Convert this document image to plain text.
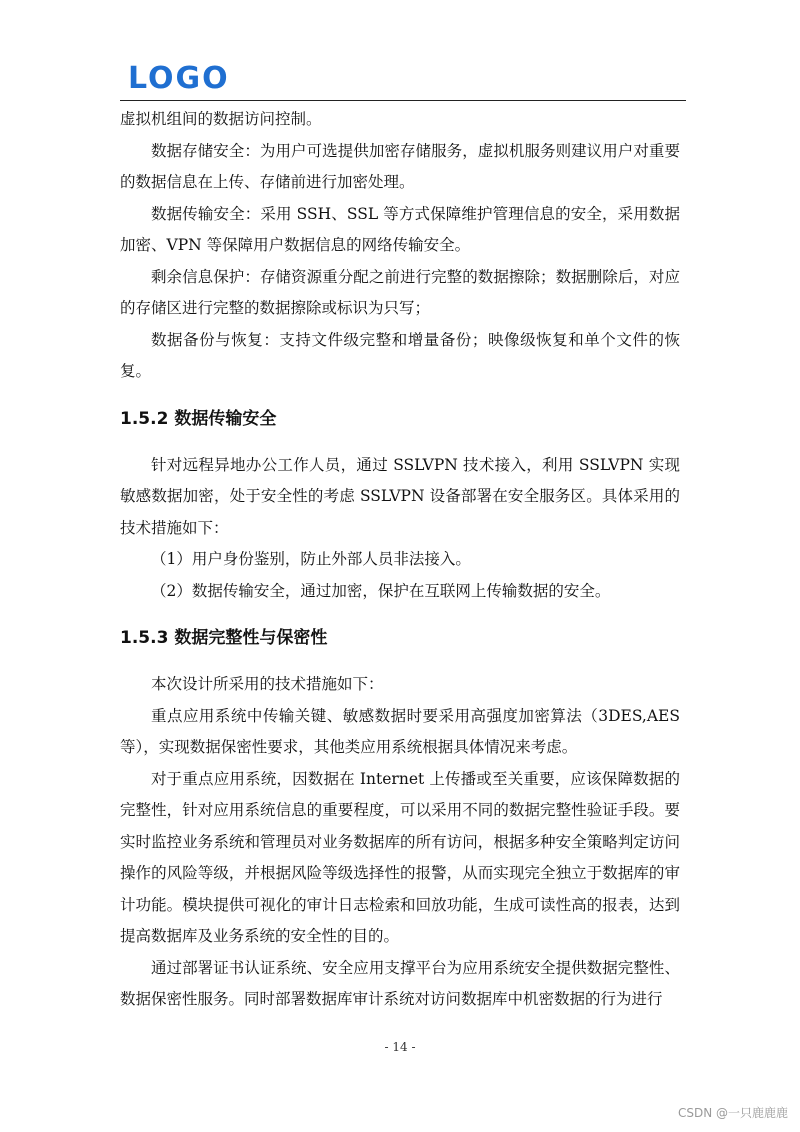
LOGO

虚拟机组间的数据访问控制。

数据存储安全：为用户可选提供加密存储服务，虚拟机服务则建议用户对重要的数据信息在上传、存储前进行加密处理。

数据传输安全：采用 SSH、SSL 等方式保障维护管理信息的安全，采用数据加密、VPN 等保障用户数据信息的网络传输安全。

剩余信息保护：存储资源重分配之前进行完整的数据擦除；数据删除后，对应的存储区进行完整的数据擦除或标识为只写；

数据备份与恢复：支持文件级完整和增量备份；映像级恢复和单个文件的恢复。

1.5.2 数据传输安全

针对远程异地办公工作人员，通过 SSLVPN 技术接入，利用 SSLVPN 实现敏感数据加密，处于安全性的考虑 SSLVPN 设备部署在安全服务区。具体采用的技术措施如下：

（1）用户身份鉴别，防止外部人员非法接入。

（2）数据传输安全，通过加密，保护在互联网上传输数据的安全。

1.5.3 数据完整性与保密性

本次设计所采用的技术措施如下：

重点应用系统中传输关键、敏感数据时要采用高强度加密算法（3DES,AES等），实现数据保密性要求，其他类应用系统根据具体情况来考虑。

对于重点应用系统，因数据在 Internet 上传播或至关重要，应该保障数据的完整性，针对应用系统信息的重要程度，可以采用不同的数据完整性验证手段。要实时监控业务系统和管理员对业务数据库的所有访问，根据多种安全策略判定访问操作的风险等级，并根据风险等级选择性的报警，从而实现完全独立于数据库的审计功能。模块提供可视化的审计日志检索和回放功能，生成可读性高的报表，达到提高数据库及业务系统的安全性的目的。

通过部署证书认证系统、安全应用支撑平台为应用系统安全提供数据完整性、数据保密性服务。同时部署数据库审计系统对访问数据库中机密数据的行为进行

- 14 -
CSDN @一只鹿鹿鹿
